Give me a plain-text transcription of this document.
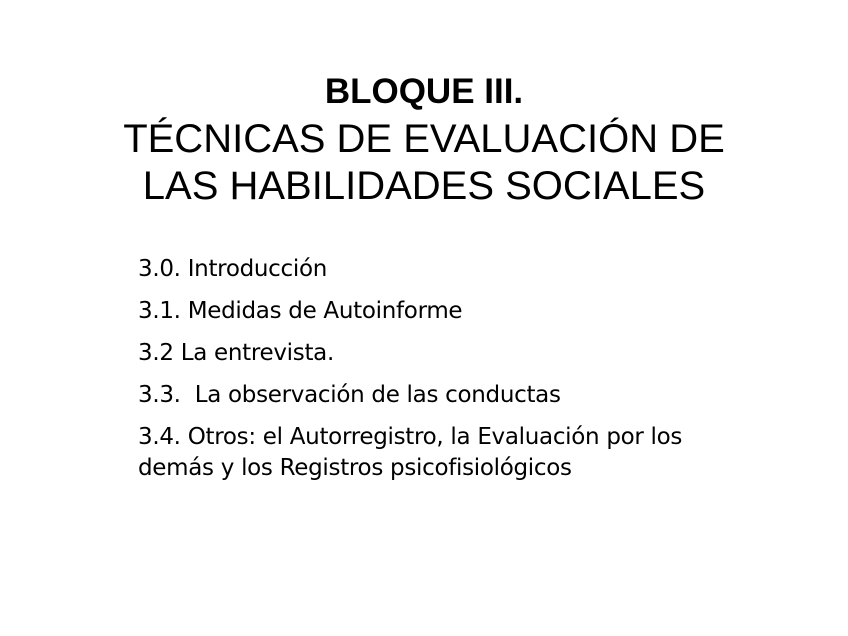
BLOQUE III.
TÉCNICAS DE EVALUACIÓN DE
LAS HABILIDADES SOCIALES
3.0. Introducción
3.1. Medidas de Autoinforme
3.2 La entrevista.
3.3.  La observación de las conductas
3.4. Otros: el Autorregistro, la Evaluación por los demás y los Registros psicofisiológicos
